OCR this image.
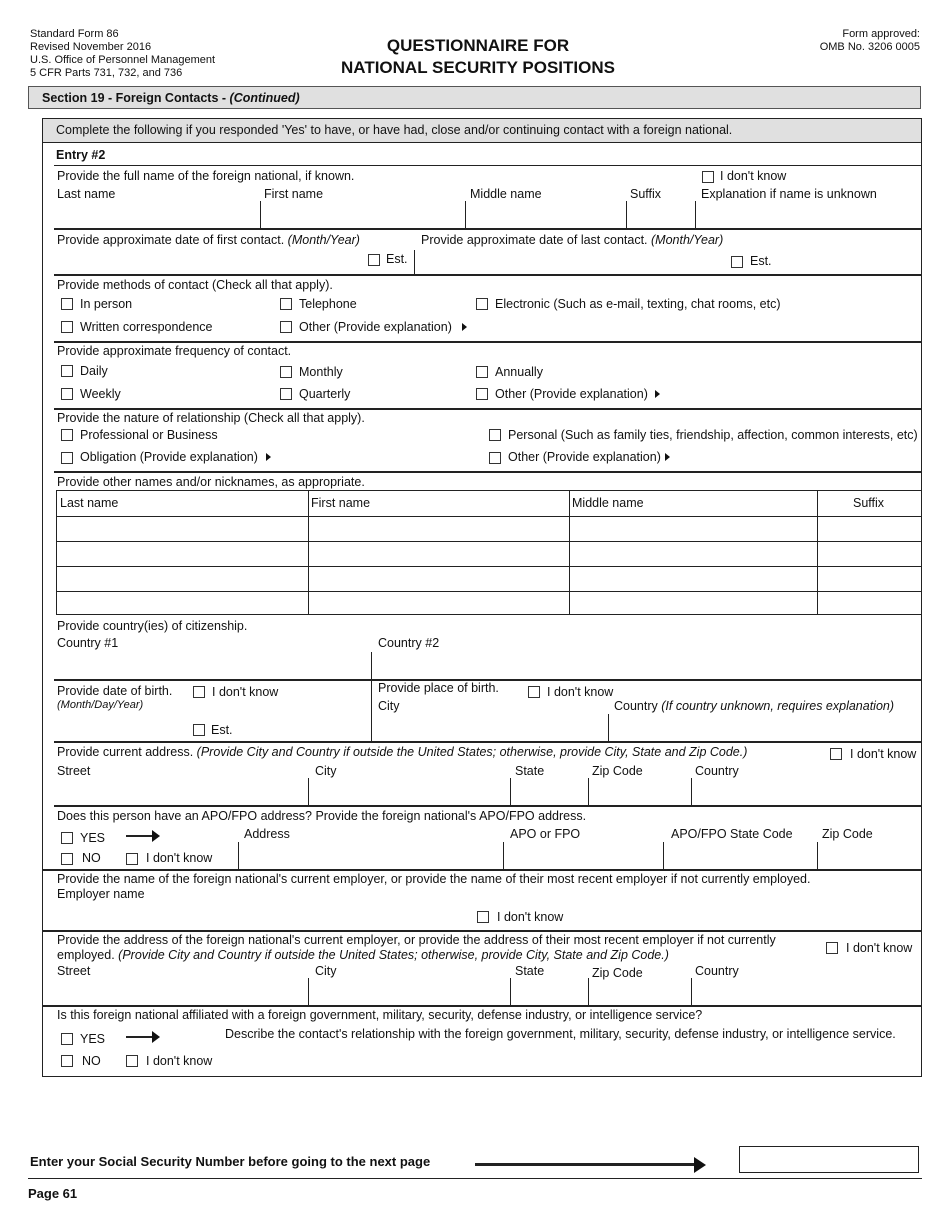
Standard Form 86
Revised November 2016
U.S. Office of Personnel Management
5 CFR Parts 731, 732, and 736
QUESTIONNAIRE FOR
NATIONAL SECURITY POSITIONS
Form approved:
OMB No. 3206 0005
Section 19 - Foreign Contacts - (Continued)
Complete the following if you responded 'Yes' to have, or have had, close and/or continuing contact with a foreign national.
Entry #2
Provide the full name of the foreign national, if known.	I don't know
Last name	First name	Middle name	Suffix	Explanation if name is unknown
Provide approximate date of first contact. (Month/Year)	Provide approximate date of last contact. (Month/Year)
Est.	Est.
Provide methods of contact (Check all that apply).
In person	Telephone	Electronic (Such as e-mail, texting, chat rooms, etc)
Written correspondence	Other (Provide explanation)
Provide approximate frequency of contact.
Daily	Monthly	Annually
Weekly	Quarterly	Other (Provide explanation)
Provide the nature of relationship (Check all that apply).
Professional or Business	Personal (Such as family ties, friendship, affection, common interests, etc)
Obligation (Provide explanation)	Other (Provide explanation)
Provide other names and/or nicknames, as appropriate.
Last name	First name	Middle name	Suffix
Provide country(ies) of citizenship.
Country #1	Country #2
Provide date of birth.
(Month/Day/Year)
I don't know
Est.
Provide place of birth.	I don't know
City	Country (If country unknown, requires explanation)
Provide current address. (Provide City and Country if outside the United States; otherwise, provide City, State and Zip Code.)	I don't know
Street	City	State	Zip Code	Country
Does this person have an APO/FPO address? Provide the foreign national's APO/FPO address.
YES
NO	I don't know
Address	APO or FPO	APO/FPO State Code Zip Code
Provide the name of the foreign national's current employer, or provide the name of their most recent employer if not currently employed.
Employer name
I don't know
Provide the address of the foreign national's current employer, or provide the address of their most recent employer if not currently
employed. (Provide City and Country if outside the United States; otherwise, provide City, State and Zip Code.)	I don't know
Street	City	State	Zip Code	Country
Is this foreign national affiliated with a foreign government, military, security, defense industry, or intelligence service?
YES	Describe the contact's relationship with the foreign government, military, security, defense industry, or intelligence service.
NO	I don't know
Enter your Social Security Number before going to the next page
Page 61
